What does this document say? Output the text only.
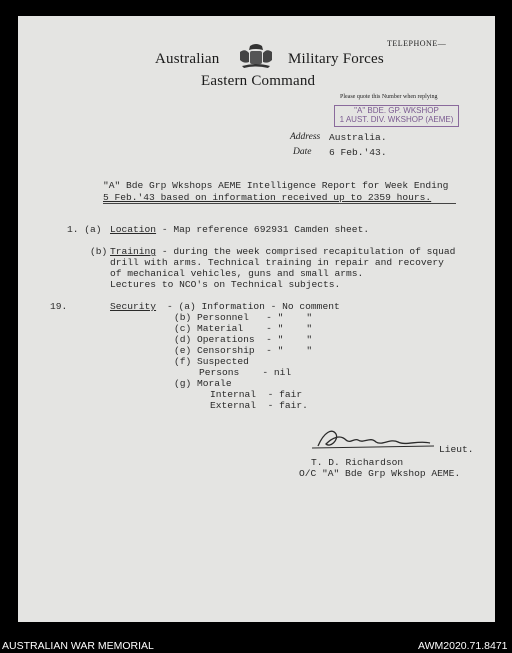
TELEPHONE—
Australian	Military Forces
Eastern Command
Please quote this Number when replying
"A" BDE. GP. WKSHOP
1 AUST. DIV. WKSHOP (AEME)
Address Australia.
Date 6 Feb.'43.
"A" Bde Grp Wkshops AEME Intelligence Report for Week Ending
5 Feb.'43 based on information received up to 2359 hours.
1. (a) Location - Map reference 692931 Camden sheet.
(b) Training - during the week comprised recapitulation of squad
drill with arms. Technical training in repair and recovery
of mechanical vehicles, guns and small arms.
Lectures to NCO's on Technical subjects.
19.	Security - (a) Information - No comment
(b) Personnel   - "    "
(c) Material    - "    "
(d) Operations  - "    "
(e) Censorship  - "    "
(f) Suspected
Persons    - nil
(g) Morale
Internal  - fair
External  - fair.
Lieut.
T. D. Richardson
O/C "A" Bde Grp Wkshop AEME.
AUSTRALIAN WAR MEMORIAL	AWM2020.71.8471
